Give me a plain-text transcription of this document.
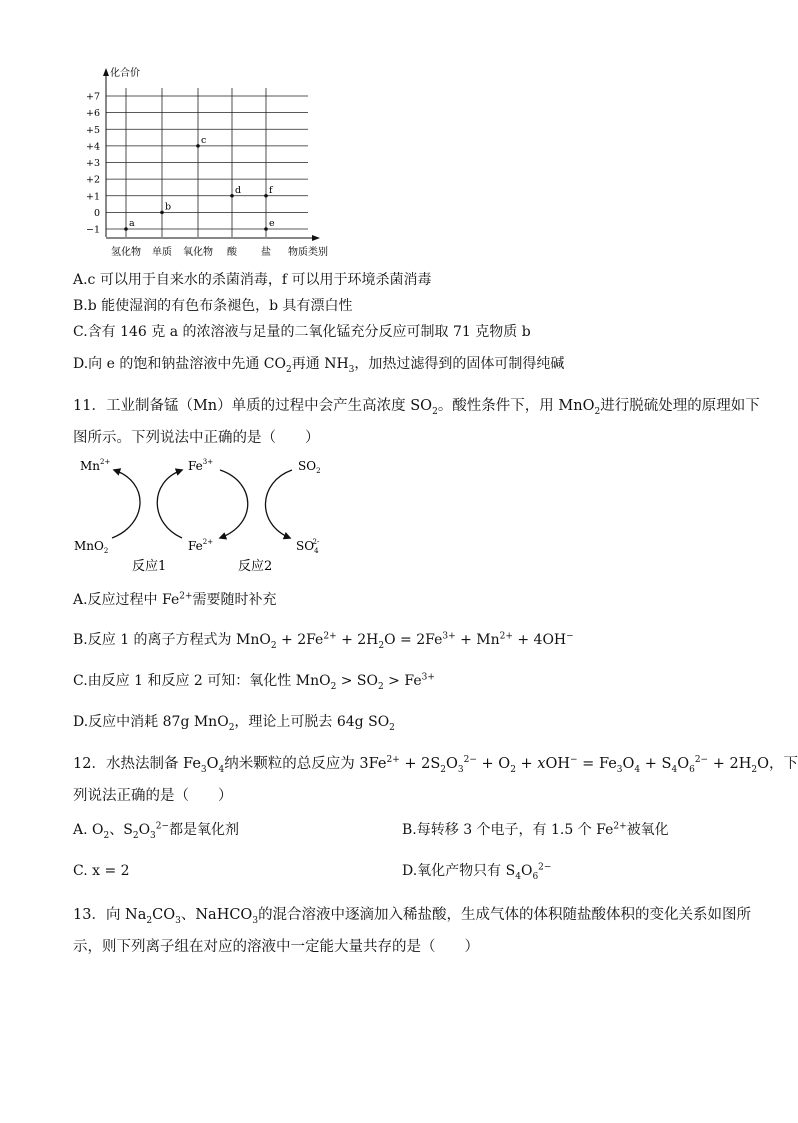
化合价
+7
+6
+5
+4
+3
+2
+1
0
−1
氢化物 单质 氧化物 酸 盐 物质类别
a
b
c
d
e
f
A.c 可以用于自来水的杀菌消毒，f 可以用于环境杀菌消毒
B.b 能使湿润的有色布条褪色，b 具有漂白性
C.含有 146 克 a 的浓溶液与足量的二氧化锰充分反应可制取 71 克物质 b
D.向 e 的饱和钠盐溶液中先通 $CO_2$再通 $NH_3$，加热过滤得到的固体可制得纯碱
11．工业制备锰（Mn）单质的过程中会产生高浓度 $SO_2$。酸性条件下，用 MnO$_2$进行脱硫处理的原理如下
图所示。下列说法中正确的是（　　）
$Mn^{2+}$	$Fe^{3+}$	$SO_2$
MnO$_2$	$Fe^{2+}$	$SO_42-$
反应1	反应2
A.反应过程中 $Fe^{2+}$需要随时补充
B.反应 1 的离子方程式为 $MnO_2 + 2Fe^{2+} + 2H_2O = 2Fe^{3+} + Mn^{2+} + 4OH^-$
C.由反应 1 和反应 2 可知：氧化性 $MnO_2 > SO_2 > Fe^{3+}$
D.反应中消耗 87g MnO$_2$，理论上可脱去 64g $SO_2$
12．水热法制备 $Fe_3O_4$纳米颗粒的总反应为 $3Fe^{2+} + 2S_2O_3^{2-} + O_2 + xOH^- = Fe_3O_4 + S_4O_6^{2-} + 2H_2O$，下
列说法正确的是（　　）
A. $O_2$、$S_2O_3^{2-}$都是氧化剂	B.每转移 3 个电子，有 1.5 个 $Fe^{2+}$被氧化
C. x = 2	D.氧化产物只有 $S_4O_6^{2-}$
13．向 $Na_2CO_3$、NaHCO$_3$的混合溶液中逐滴加入稀盐酸，生成气体的体积随盐酸体积的变化关系如图所
示，则下列离子组在对应的溶液中一定能大量共存的是（　　）
